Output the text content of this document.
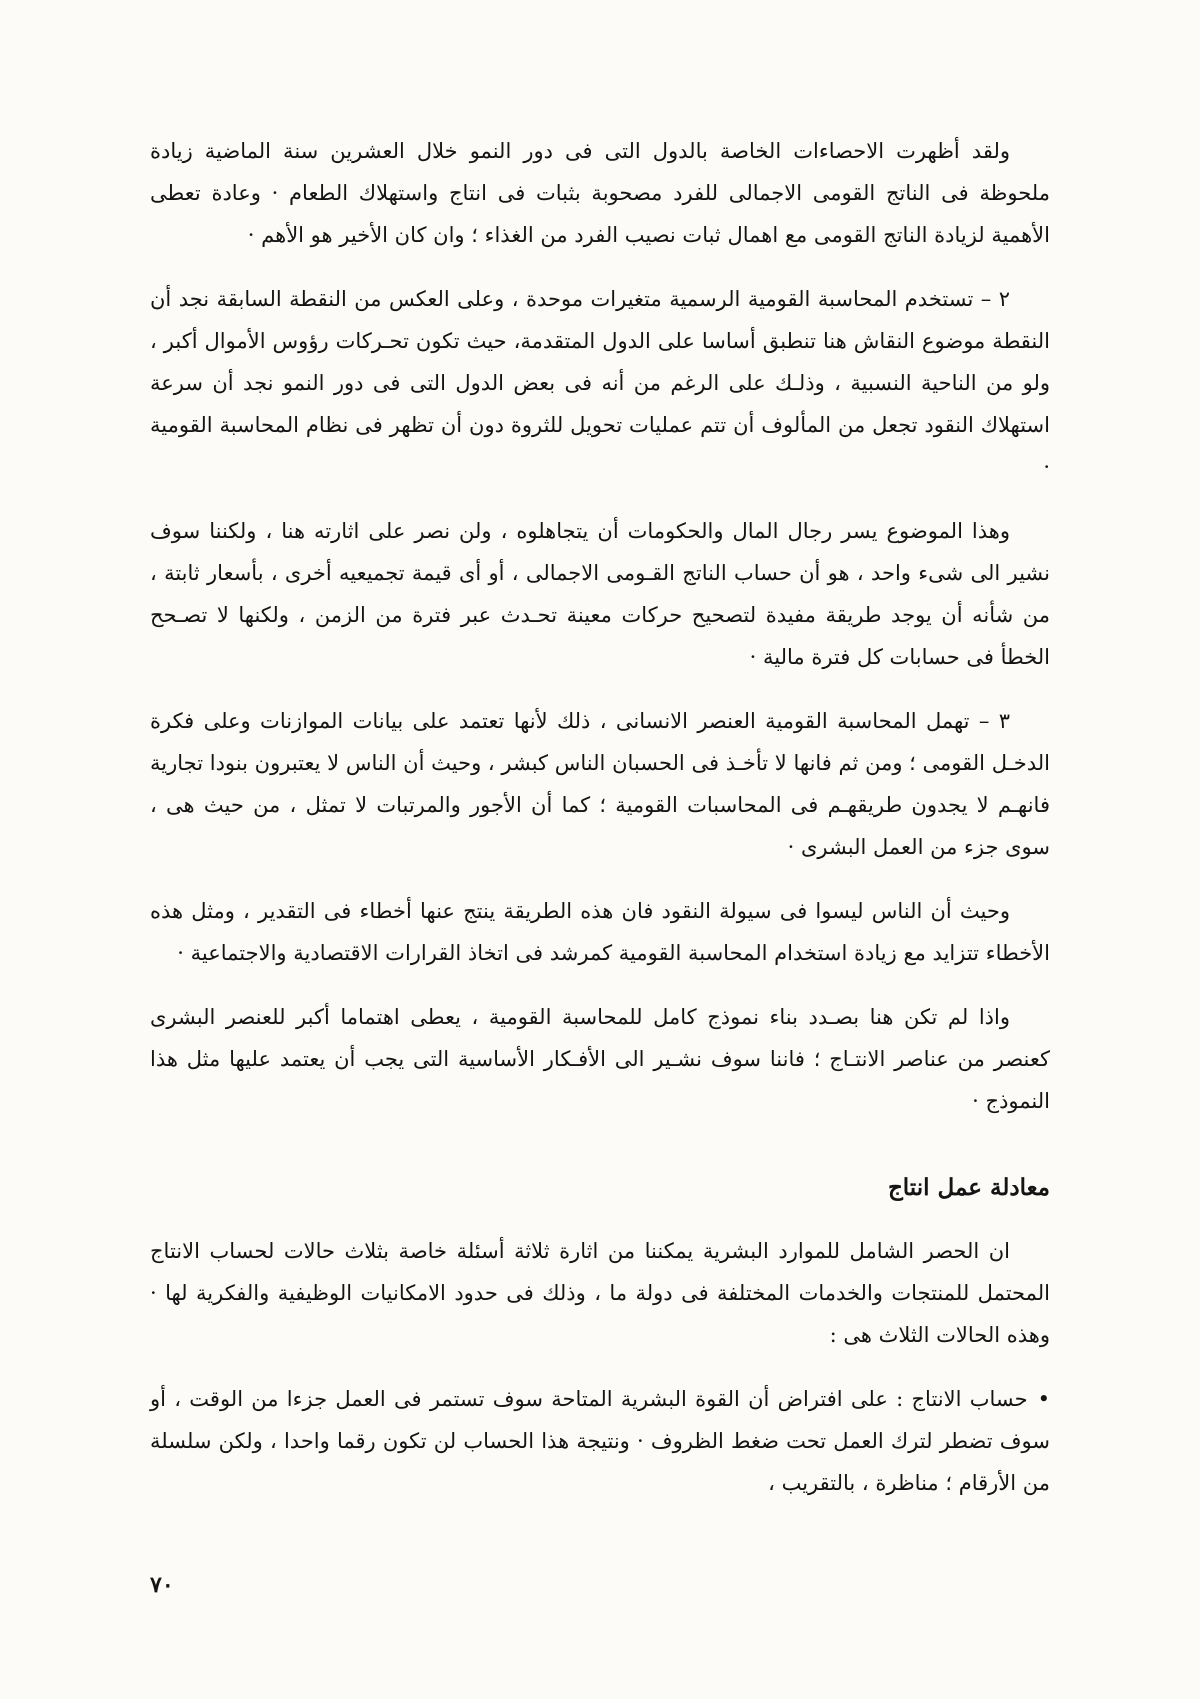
ولقد أظهرت الاحصاءات الخاصة بالدول التى فى دور النمو خلال العشرين سنة الماضية زيادة ملحوظة فى الناتج القومى الاجمالى للفرد مصحوبة بثبات فى انتاج واستهلاك الطعام · وعادة تعطى الأهمية لزيادة الناتج القومى مع اهمال ثبات نصيب الفرد من الغذاء ؛ وان كان الأخير هو الأهم ·

٢ – تستخدم المحاسبة القومية الرسمية متغيرات موحدة ، وعلى العكس من النقطة السابقة نجد أن النقطة موضوع النقاش هنا تنطبق أساسا على الدول المتقدمة، حيث تكون تحـركات رؤوس الأموال أكبر ، ولو من الناحية النسبية ، وذلـك على الرغم من أنه فى بعض الدول التى فى دور النمو نجد أن سرعة استهلاك النقود تجعل من المألوف أن تتم عمليات تحويل للثروة دون أن تظهر فى نظام المحاسبة القومية ·

وهذا الموضوع يسر رجال المال والحكومات أن يتجاهلوه ، ولن نصر على اثارته هنا ، ولكننا سوف نشير الى شىء واحد ، هو أن حساب الناتج القـومى الاجمالى ، أو أى قيمة تجميعيه أخرى ، بأسعار ثابتة ، من شأنه أن يوجد طريقة مفيدة لتصحيح حركات معينة تحـدث عبر فترة من الزمن ، ولكنها لا تصـحح الخطأ فى حسابات كل فترة مالية ·

٣ – تهمل المحاسبة القومية العنصر الانسانى ، ذلك لأنها تعتمد على بيانات الموازنات وعلى فكرة الدخـل القومى ؛ ومن ثم فانها لا تأخـذ فى الحسبان الناس كبشر ، وحيث أن الناس لا يعتبرون بنودا تجارية فانهـم لا يجدون طريقهـم فى المحاسبات القومية ؛ كما أن الأجور والمرتبات لا تمثل ، من حيث هى ، سوى جزء من العمل البشرى ·

وحيث أن الناس ليسوا فى سيولة النقود فان هذه الطريقة ينتج عنها أخطاء فى التقدير ، ومثل هذه الأخطاء تتزايد مع زيادة استخدام المحاسبة القومية كمرشد فى اتخاذ القرارات الاقتصادية والاجتماعية ·

واذا لم تكن هنا بصـدد بناء نموذج كامل للمحاسبة القومية ، يعطى اهتماما أكبر للعنصر البشرى كعنصر من عناصر الانتـاج ؛ فاننا سوف نشـير الى الأفـكار الأساسية التى يجب أن يعتمد عليها مثل هذا النموذج ·

معادلة عمل انتاج

ان الحصر الشامل للموارد البشرية يمكننا من اثارة ثلاثة أسئلة خاصة بثلاث حالات لحساب الانتاج المحتمل للمنتجات والخدمات المختلفة فى دولة ما ، وذلك فى حدود الامكانيات الوظيفية والفكرية لها · وهذه الحالات الثلاث هى :

•حساب الانتاج : على افتراض أن القوة البشرية المتاحة سوف تستمر فى العمل جزءا من الوقت ، أو سوف تضطر لترك العمل تحت ضغط الظروف · ونتيجة هذا الحساب لن تكون رقما واحدا ، ولكن سلسلة من الأرقام ؛ مناظرة ، بالتقريب ،

٧٠
